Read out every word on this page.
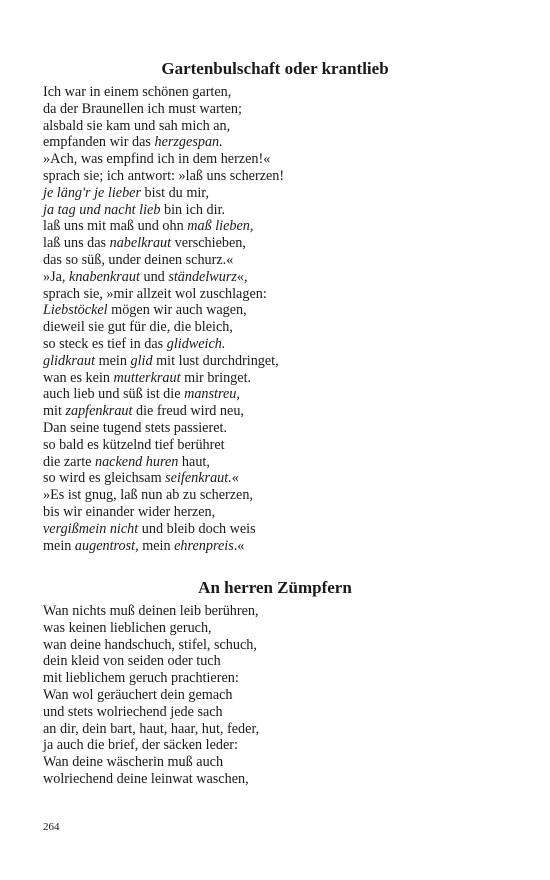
Gartenbulschaft oder krantlieb
Ich war in einem schönen garten,
da der Braunellen ich must warten;
alsbald sie kam und sah mich an,
empfanden wir das herzgespan.
»Ach, was empfind ich in dem herzen!«
sprach sie; ich antwort: »laß uns scherzen!
je läng'r je lieber bist du mir,
ja tag und nacht lieb bin ich dir.
laß uns mit maß und ohn maß lieben,
laß uns das nabelkraut verschieben,
das so süß, under deinen schurz.«
»Ja, knabenkraut und ständelwurz«,
sprach sie, »mir allzeit wol zuschlagen:
Liebstöckel mögen wir auch wagen,
dieweil sie gut für die, die bleich,
so steck es tief in das glidweich.
glidkraut mein glid mit lust durchdringet,
wan es kein mutterkraut mir bringet.
auch lieb und süß ist die manstreu,
mit zapfenkraut die freud wird neu,
Dan seine tugend stets passieret.
so bald es kützelnd tief berühret
die zarte nackend huren haut,
so wird es gleichsam seifenkraut.«
»Es ist gnug, laß nun ab zu scherzen,
bis wir einander wider herzen,
vergißmein nicht und bleib doch weis
mein augentrost, mein ehrenpreis.«
An herren Zümpfern
Wan nichts muß deinen leib berühren,
was keinen lieblichen geruch,
wan deine handschuch, stifel, schuch,
dein kleid von seiden oder tuch
mit lieblichem geruch prachtieren:
Wan wol geräuchert dein gemach
und stets wolriechend jede sach
an dir, dein bart, haut, haar, hut, feder,
ja auch die brief, der säcken leder:
Wan deine wäscherin muß auch
wolriechend deine leinwat waschen,
264
